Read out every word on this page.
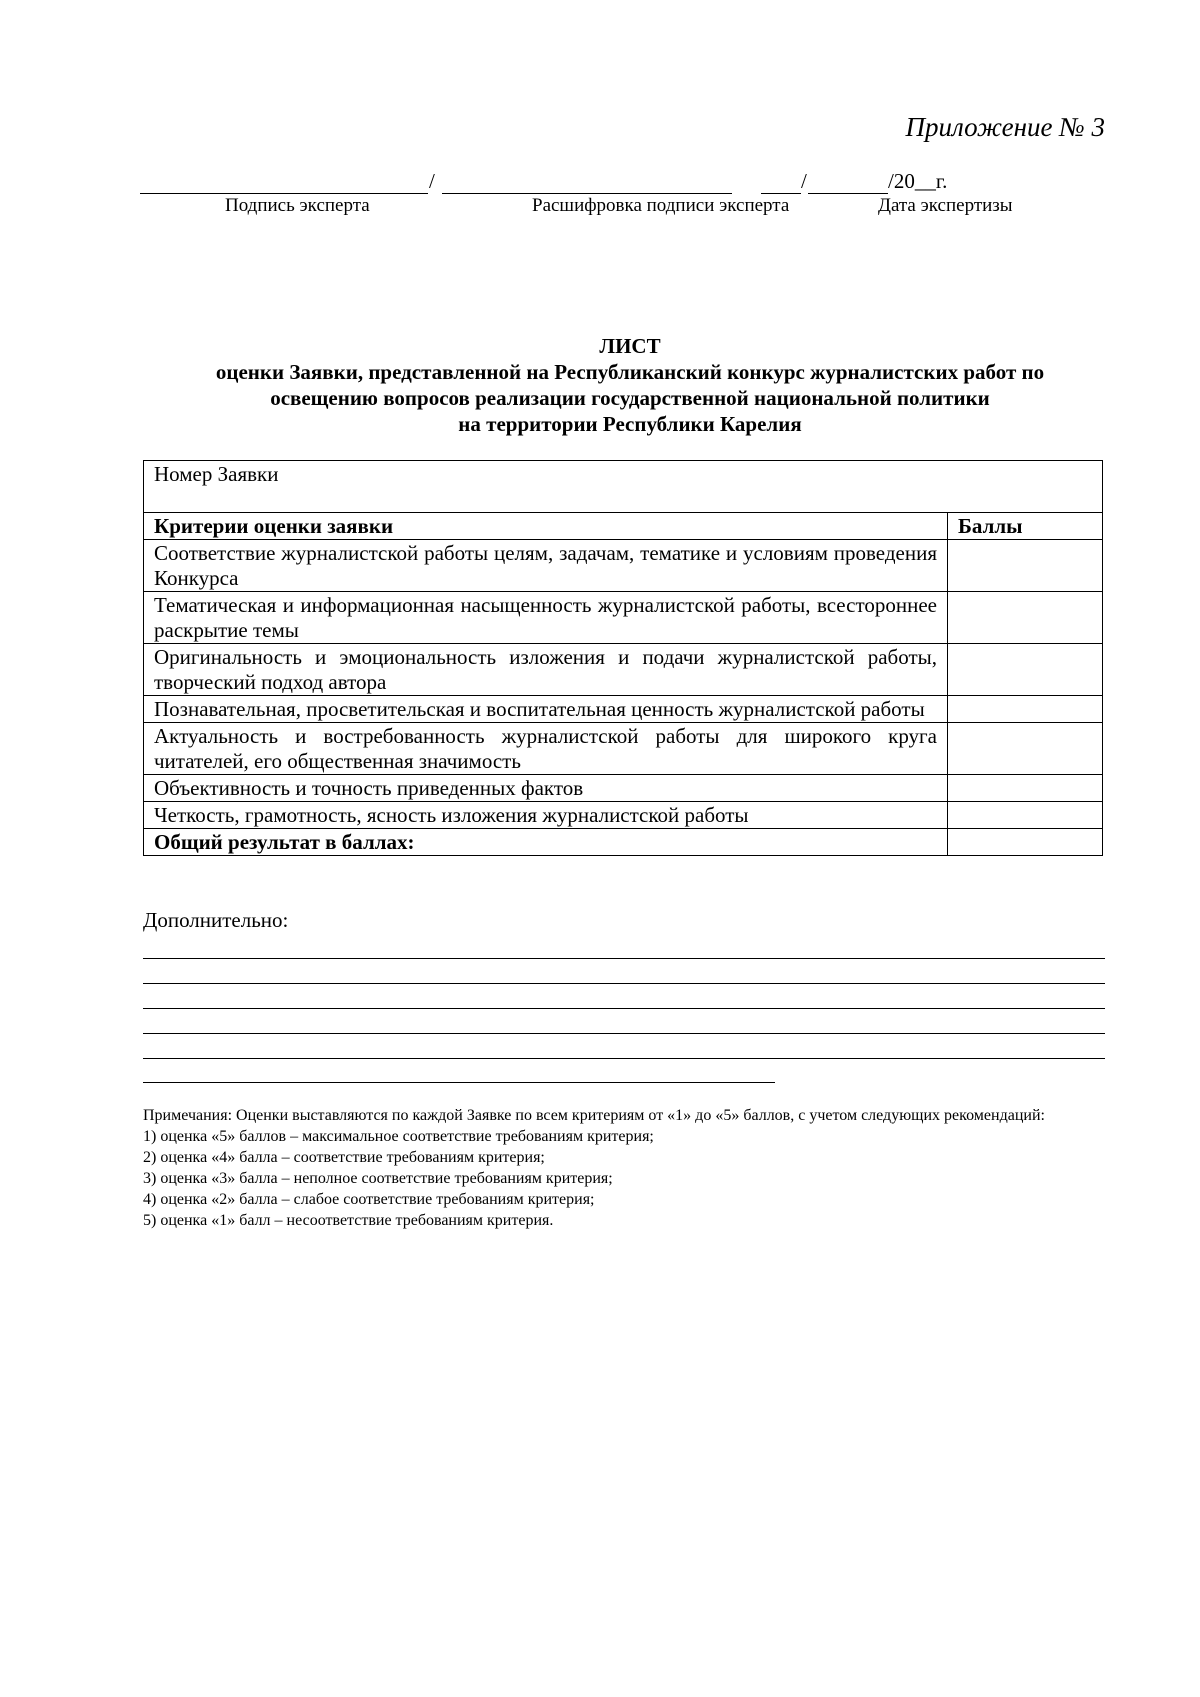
Приложение № 3
/	/	/20__г.
Подпись эксперта	Расшифровка подписи эксперта	Дата экспертизы
ЛИСТ
оценки Заявки, представленной на Республиканский конкурс журналистских работ по
освещению вопросов реализации государственной национальной политики
на территории Республики Карелия
Номер Заявки	
Критерии оценки заявки	Баллы
Соответствие журналистской работы целям, задачам, тематике и условиям проведения Конкурса	
Тематическая и информационная насыщенность журналистской работы, всестороннее раскрытие темы	
Оригинальность и эмоциональность изложения и подачи журналистской работы, творческий подход автора	
Познавательная, просветительская и воспитательная ценность журналистской работы	
Актуальность и востребованность журналистской работы для широкого круга читателей, его общественная значимость	
Объективность и точность приведенных фактов	
Четкость, грамотность, ясность изложения журналистской работы	
Общий результат в баллах:	
Дополнительно:

Примечания: Оценки выставляются по каждой Заявке по всем критериям от «1» до «5» баллов, с учетом следующих рекомендаций:

1) оценка «5» баллов – максимальное соответствие требованиям критерия;

2) оценка «4» балла – соответствие требованиям критерия;

3) оценка «3» балла – неполное соответствие требованиям критерия;

4) оценка «2» балла – слабое соответствие требованиям критерия;

5) оценка «1» балл – несоответствие требованиям критерия.
